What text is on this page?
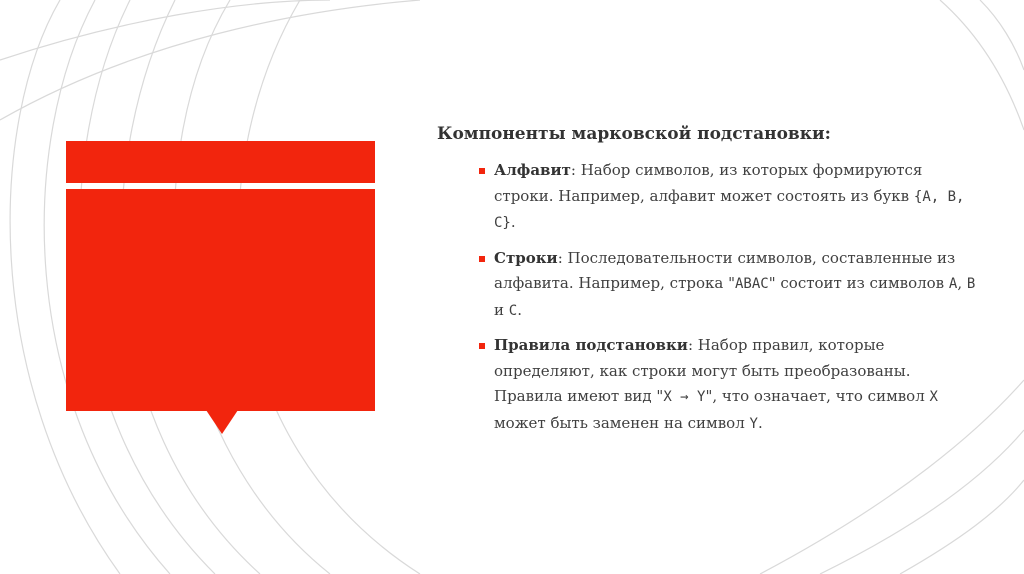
Компоненты марковской подстановки:

Алфавит: Набор символов, из которых формируются строки. Например, алфавит может состоять из букв {A, B, C}.
Строки: Последовательности символов, составленные из алфавита. Например, строка "ABAC" состоит из символов A, B и C.
Правила подстановки: Набор правил, которые определяют, как строки могут быть преобразованы. Правила имеют вид "X → Y", что означает, что символ X может быть заменен на символ Y.
